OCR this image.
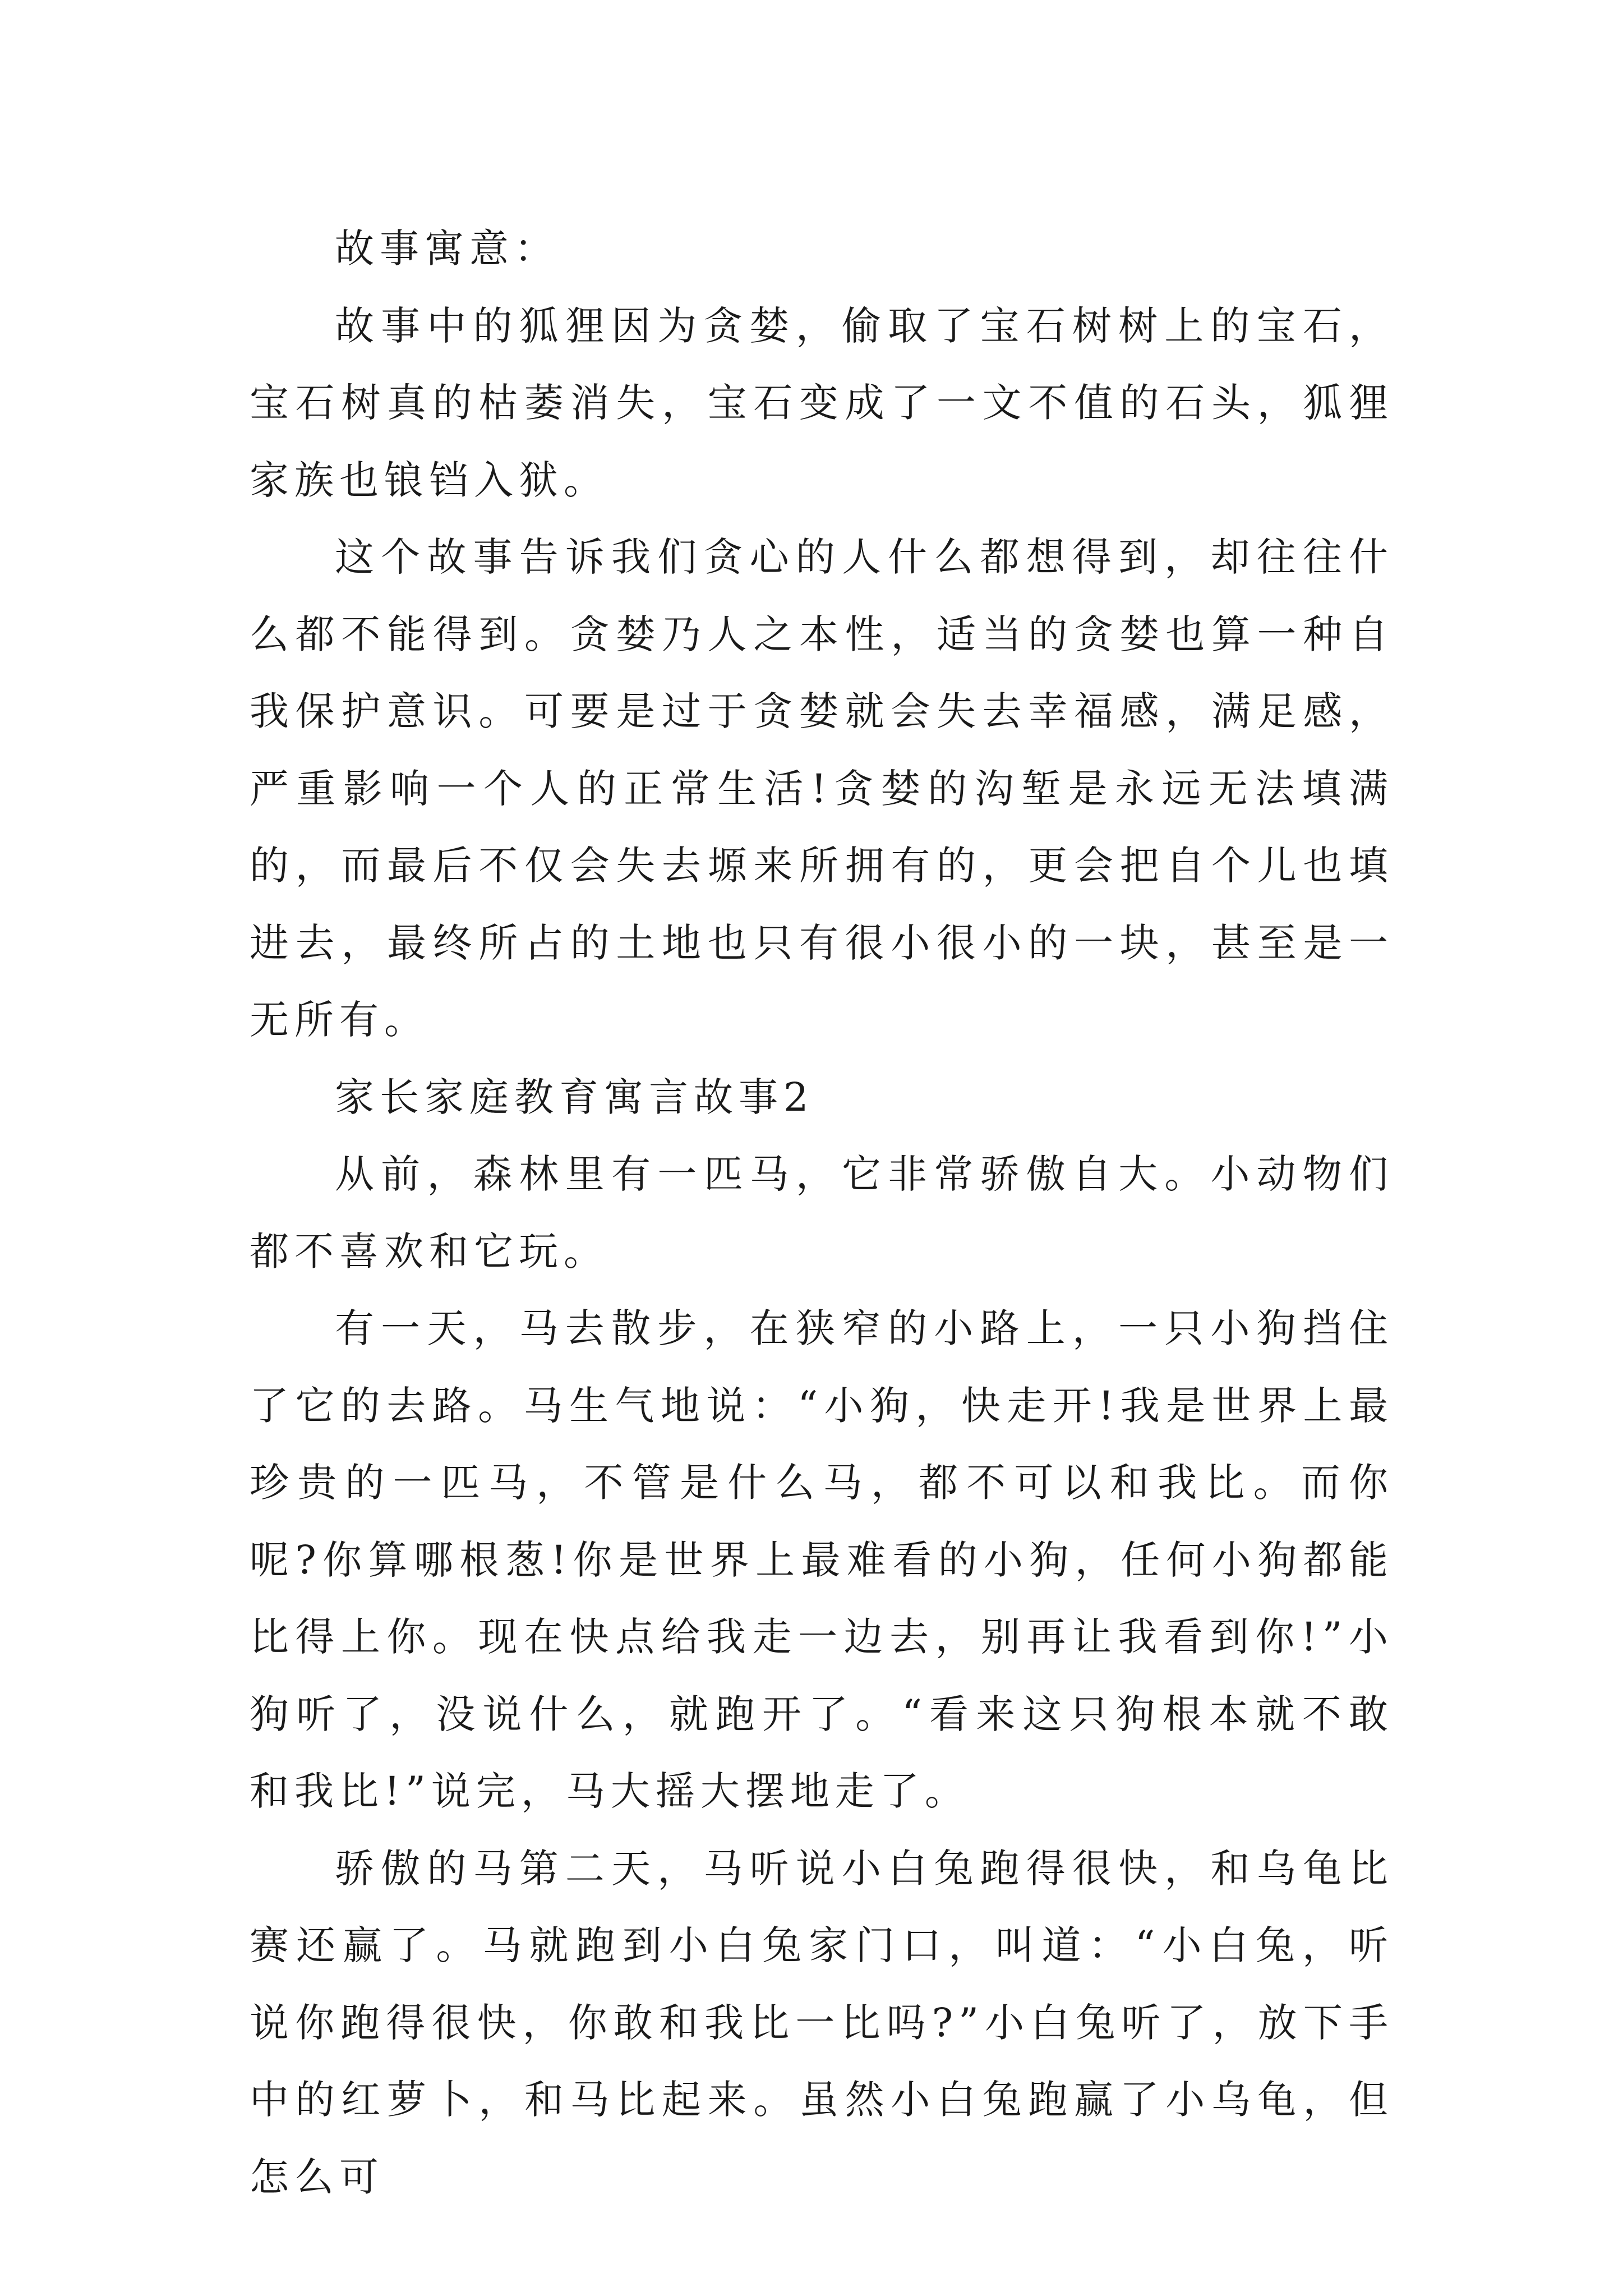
故事寓意：

故事中的狐狸因为贪婪，偷取了宝石树树上的宝石，宝石树真的枯萎消失，宝石变成了一文不值的石头，狐狸家族也锒铛入狱。

这个故事告诉我们贪心的人什么都想得到，却往往什么都不能得到。贪婪乃人之本性，适当的贪婪也算一种自我保护意识。可要是过于贪婪就会失去幸福感，满足感，严重影响一个人的正常生活!贪婪的沟堑是永远无法填满的，而最后不仅会失去塬来所拥有的，更会把自个儿也填进去，最终所占的土地也只有很小很小的一块，甚至是一无所有。

家长家庭教育寓言故事2

从前，森林里有一匹马，它非常骄傲自大。小动物们都不喜欢和它玩。

有一天，马去散步，在狭窄的小路上，一只小狗挡住了它的去路。马生气地说：“小狗，快走开!我是世界上最珍贵的一匹马，不管是什么马，都不可以和我比。而你呢?你算哪根葱!你是世界上最难看的小狗，任何小狗都能比得上你。现在快点给我走一边去，别再让我看到你!”小狗听了，没说什么，就跑开了。“看来这只狗根本就不敢和我比!”说完，马大摇大摆地走了。

骄傲的马第二天，马听说小白兔跑得很快，和乌龟比赛还赢了。马就跑到小白兔家门口，叫道：“小白兔，听说你跑得很快，你敢和我比一比吗?”小白兔听了，放下手中的红萝卜，和马比起来。虽然小白兔跑赢了小乌龟，但怎么可
